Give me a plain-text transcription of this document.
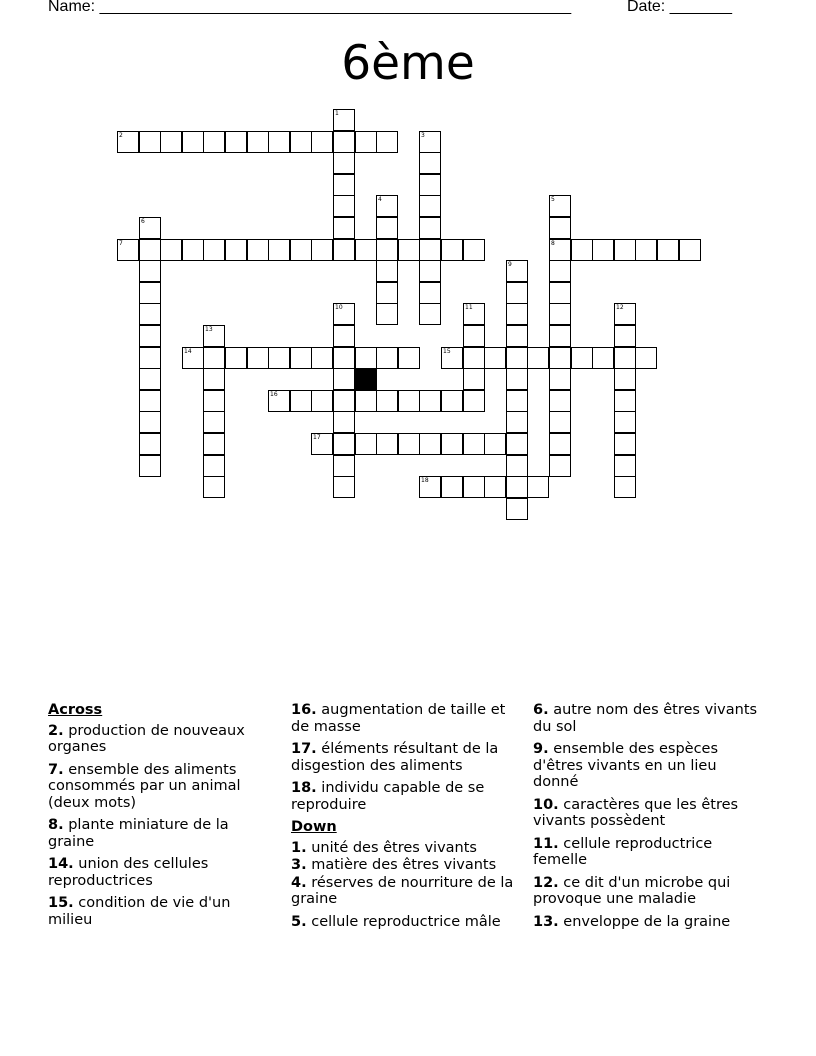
Name: _____________________________________________________	Date: _______
6ème
1
2	3
4	5
8
6
7
9
10	11	12
13
14	15
16
17
18
Across
2. production de nouveaux organes
7. ensemble des aliments consommés par un animal (deux mots)
8. plante miniature de la graine
14. union des cellules reproductrices
15. condition de vie d'un milieu
16. augmentation de taille et de masse
17. éléments résultant de la disgestion des aliments
18. individu capable de se reproduire
Down
1. unité des êtres vivants
3. matière des êtres vivants
4. réserves de nourriture de la graine
5. cellule reproductrice mâle
6. autre nom des êtres vivants du sol
9. ensemble des espèces d'êtres vivants en un lieu donné
10. caractères que les êtres vivants possèdent
11. cellule reproductrice femelle
12. ce dit d'un microbe qui provoque une maladie
13. enveloppe de la graine
